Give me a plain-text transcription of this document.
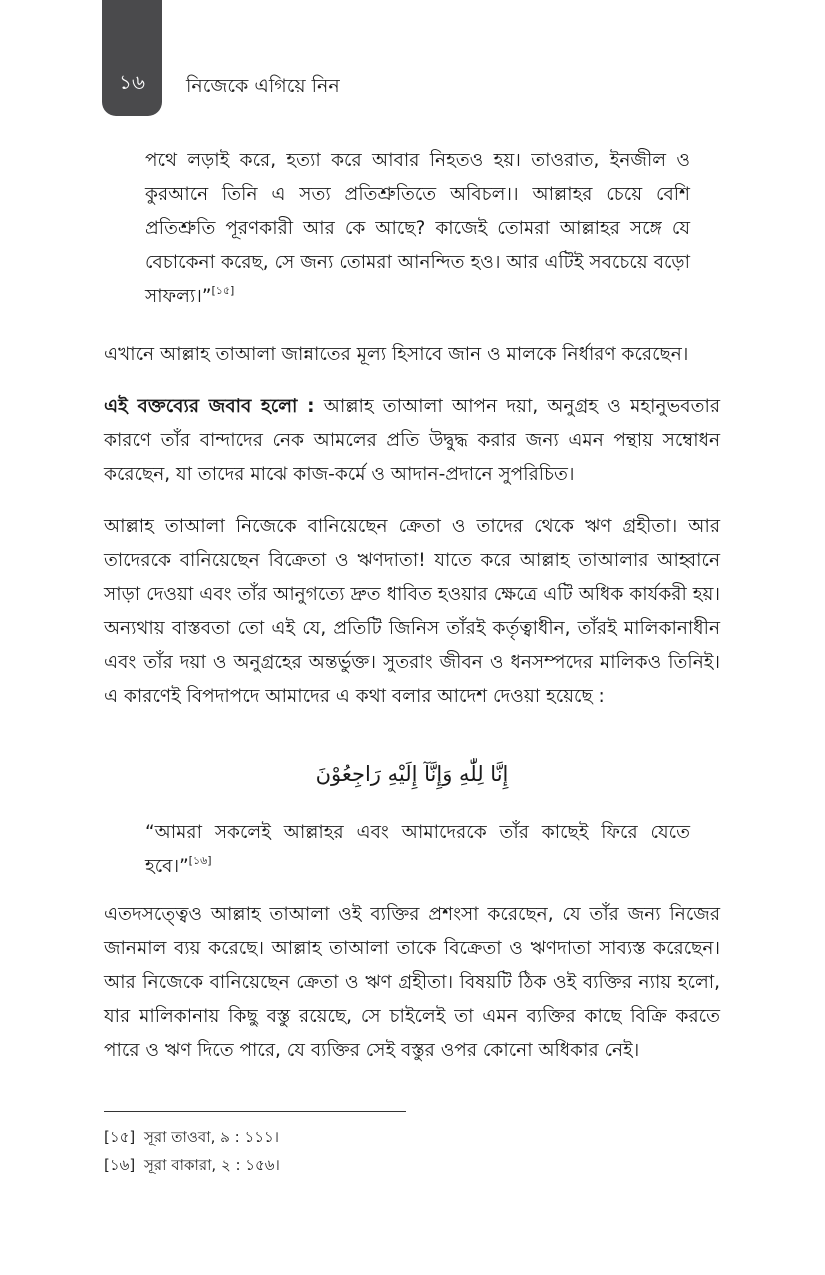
১৬	নিজেকে এগিয়ে নিন

পথে লড়াই করে, হত্যা করে আবার নিহতও হয়। তাওরাত, ইনজীল ও কুরআনে তিনি এ সত্য প্রতিশ্রুতিতে অবিচল।। আল্লাহর চেয়ে বেশি প্রতিশ্রুতি পূরণকারী আর কে আছে? কাজেই তোমরা আল্লাহর সঙ্গে যে বেচাকেনা করেছ, সে জন্য তোমরা আনন্দিত হও। আর এটিই সবচেয়ে বড়ো সাফল্য।”[১৫]

এখানে আল্লাহ তাআলা জান্নাতের মূল্য হিসাবে জান ও মালকে নির্ধারণ করেছেন।

এই বক্তব্যের জবাব হলো : আল্লাহ তাআলা আপন দয়া, অনুগ্রহ ও মহানুভবতার কারণে তাঁর বান্দাদের নেক আমলের প্রতি উদ্বুদ্ধ করার জন্য এমন পন্থায় সম্বোধন করেছেন, যা তাদের মাঝে কাজ-কর্মে ও আদান-প্রদানে সুপরিচিত।

আল্লাহ তাআলা নিজেকে বানিয়েছেন ক্রেতা ও তাদের থেকে ঋণ গ্রহীতা। আর তাদেরকে বানিয়েছেন বিক্রেতা ও ঋণদাতা! যাতে করে আল্লাহ তাআলার আহ্বানে সাড়া দেওয়া এবং তাঁর আনুগত্যে দ্রুত ধাবিত হওয়ার ক্ষেত্রে এটি অধিক কার্যকরী হয়। অন্যথায় বাস্তবতা তো এই যে, প্রতিটি জিনিস তাঁরই কর্তৃত্বাধীন, তাঁরই মালিকানাধীন এবং তাঁর দয়া ও অনুগ্রহের অন্তর্ভুক্ত। সুতরাং জীবন ও ধনসম্পদের মালিকও তিনিই। এ কারণেই বিপদাপদে আমাদের এ কথা বলার আদেশ দেওয়া হয়েছে :

إِنَّا لِلّٰهِ وَإِنَّآ إِلَيْهِ رَاجِعُوْنَ

“আমরা সকলেই আল্লাহর এবং আমাদেরকে তাঁর কাছেই ফিরে যেতে হবে।”[১৬]

এতদসত্ত্বেও আল্লাহ তাআলা ওই ব্যক্তির প্রশংসা করেছেন, যে তাঁর জন্য নিজের জানমাল ব্যয় করেছে। আল্লাহ তাআলা তাকে বিক্রেতা ও ঋণদাতা সাব্যস্ত করেছেন। আর নিজেকে বানিয়েছেন ক্রেতা ও ঋণ গ্রহীতা। বিষয়টি ঠিক ওই ব্যক্তির ন্যায় হলো, যার মালিকানায় কিছু বস্তু রয়েছে, সে চাইলেই তা এমন ব্যক্তির কাছে বিক্রি করতে পারে ও ঋণ দিতে পারে, যে ব্যক্তির সেই বস্তুর ওপর কোনো অধিকার নেই।

[১৫] সূরা তাওবা, ৯ : ১১১।
[১৬] সূরা বাকারা, ২ : ১৫৬।
